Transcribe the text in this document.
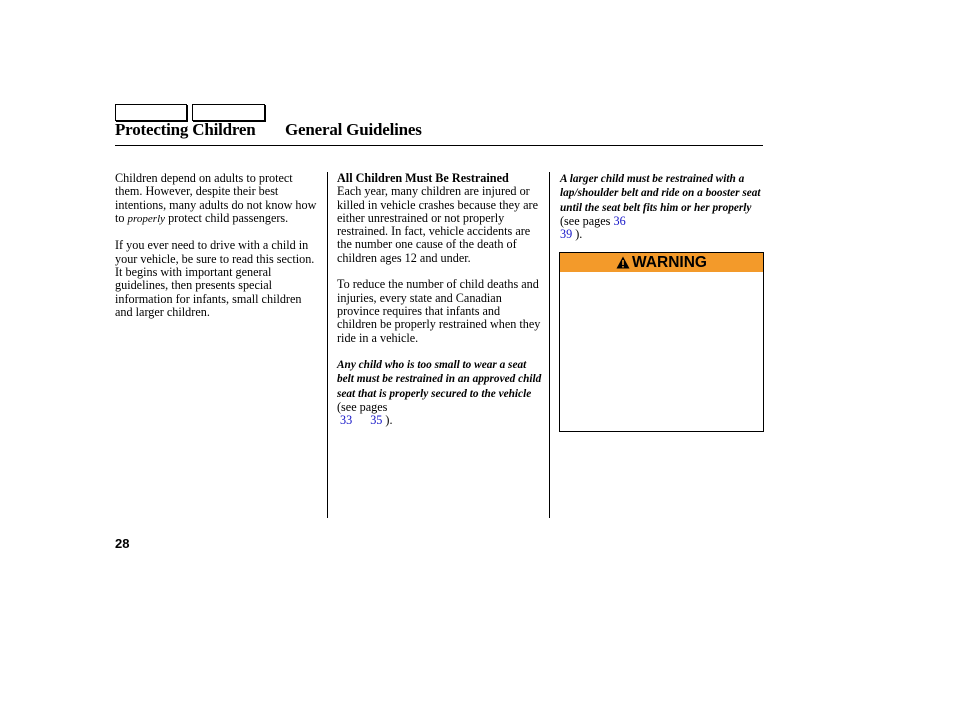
Protecting Children General Guidelines

Children depend on adults to protect them. However, despite their best intentions, many adults do not know how to properly protect child passengers.

If you ever need to drive with a child in your vehicle, be sure to read this section. It begins with important general guidelines, then presents special information for infants, small children and larger children.

All Children Must Be Restrained

Each year, many children are injured or killed in vehicle crashes because they are either unrestrained or not properly restrained. In fact, vehicle accidents are the number one cause of the death of children ages 12 and under.

To reduce the number of child deaths and injuries, every state and Canadian province requires that infants and children be properly restrained when they ride in a vehicle.

Any child who is too small to wear a seat belt must be restrained in an approved child seat that is properly secured to the vehicle (see pages
33 35 ).

A larger child must be restrained with a lap/shoulder belt and ride on a booster seat until the seat belt fits him or her properly (see pages 36
39 ).

WARNING
28
